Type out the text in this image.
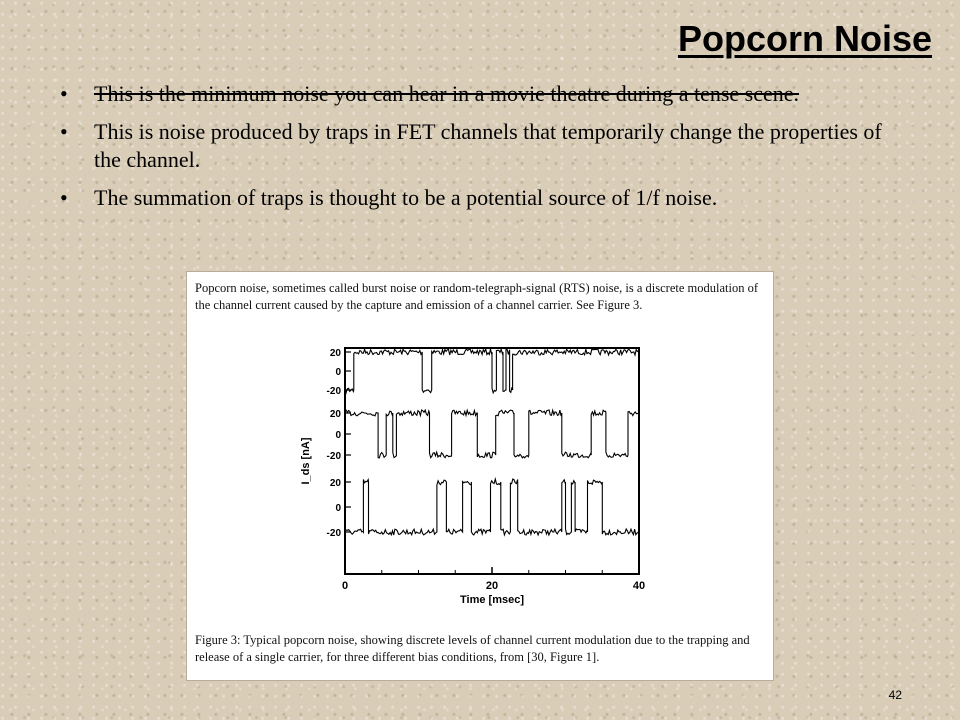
Popcorn Noise
• This is the minimum noise you can hear in a movie theatre during a tense scene.
• This is noise produced by traps in FET channels that temporarily change the properties of the channel.
• The summation of traps is thought to be a potential source of 1/f noise.

Popcorn noise, sometimes called burst noise or random-telegraph-signal (RTS) noise, is a discrete modulation of the channel current caused by the capture and emission of a channel carrier. See Figure 3.

0	20	40
Time [msec]
20
0
-20
20
0
-20
20
0
-20
I_ds [nA]

Figure 3: Typical popcorn noise, showing discrete levels of channel current modulation due to the trapping and release of a single carrier, for three different bias conditions, from [30, Figure 1].

42
